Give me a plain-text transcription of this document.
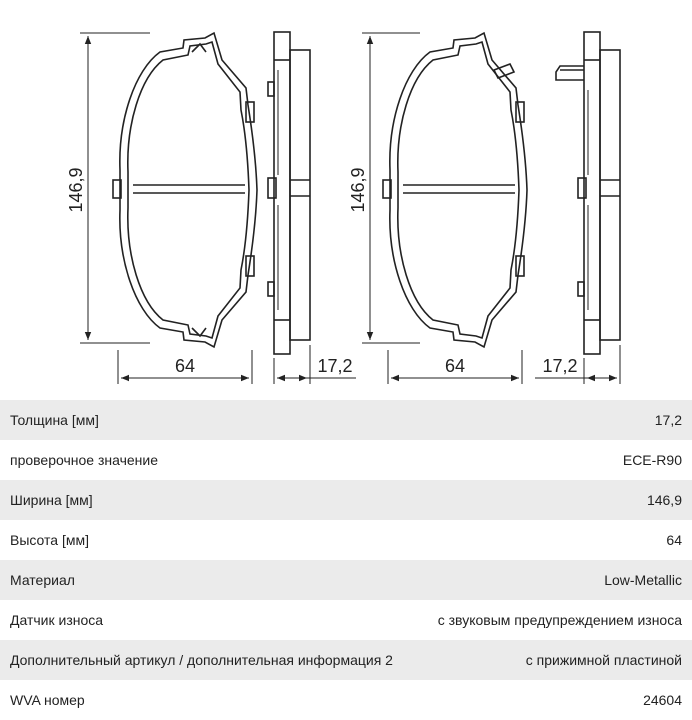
146,9
64	17,2
146,9
64	17,2
Толщина [мм]	17,2
проверочное значение	ECE-R90
Ширина [мм]	146,9
Высота [мм]	64
Материал	Low-Metallic
Датчик износа	с звуковым предупреждением износа
Дополнительный артикул / дополнительная информация 2	с прижимной пластиной
WVA номер	24604
